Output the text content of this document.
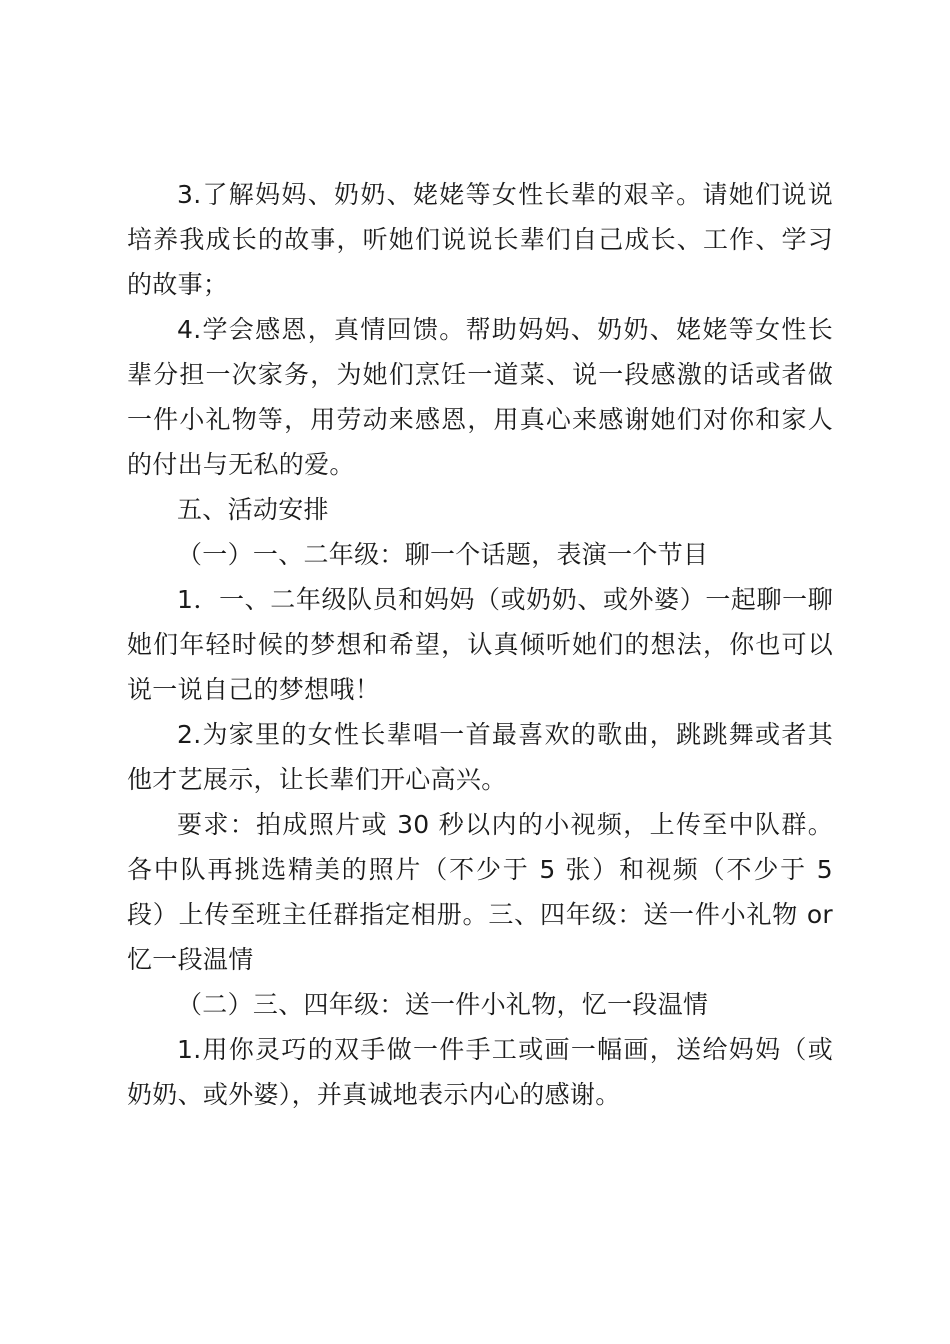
3.了解妈妈、奶奶、姥姥等女性长辈的艰辛。请她们说说培养我成长的故事，听她们说说长辈们自己成长、工作、学习的故事；

4.学会感恩，真情回馈。帮助妈妈、奶奶、姥姥等女性长辈分担一次家务，为她们烹饪一道菜、说一段感激的话或者做一件小礼物等，用劳动来感恩，用真心来感谢她们对你和家人的付出与无私的爱。

五、活动安排

（一）一、二年级：聊一个话题，表演一个节目

1．一、二年级队员和妈妈（或奶奶、或外婆）一起聊一聊她们年轻时候的梦想和希望，认真倾听她们的想法，你也可以说一说自己的梦想哦！

2.为家里的女性长辈唱一首最喜欢的歌曲，跳跳舞或者其他才艺展示，让长辈们开心高兴。

要求：拍成照片或 30 秒以内的小视频，上传至中队群。各中队再挑选精美的照片（不少于 5 张）和视频（不少于 5 段）上传至班主任群指定相册。三、四年级：送一件小礼物 or 忆一段温情

（二）三、四年级：送一件小礼物，忆一段温情

1.用你灵巧的双手做一件手工或画一幅画，送给妈妈（或奶奶、或外婆），并真诚地表示内心的感谢。
